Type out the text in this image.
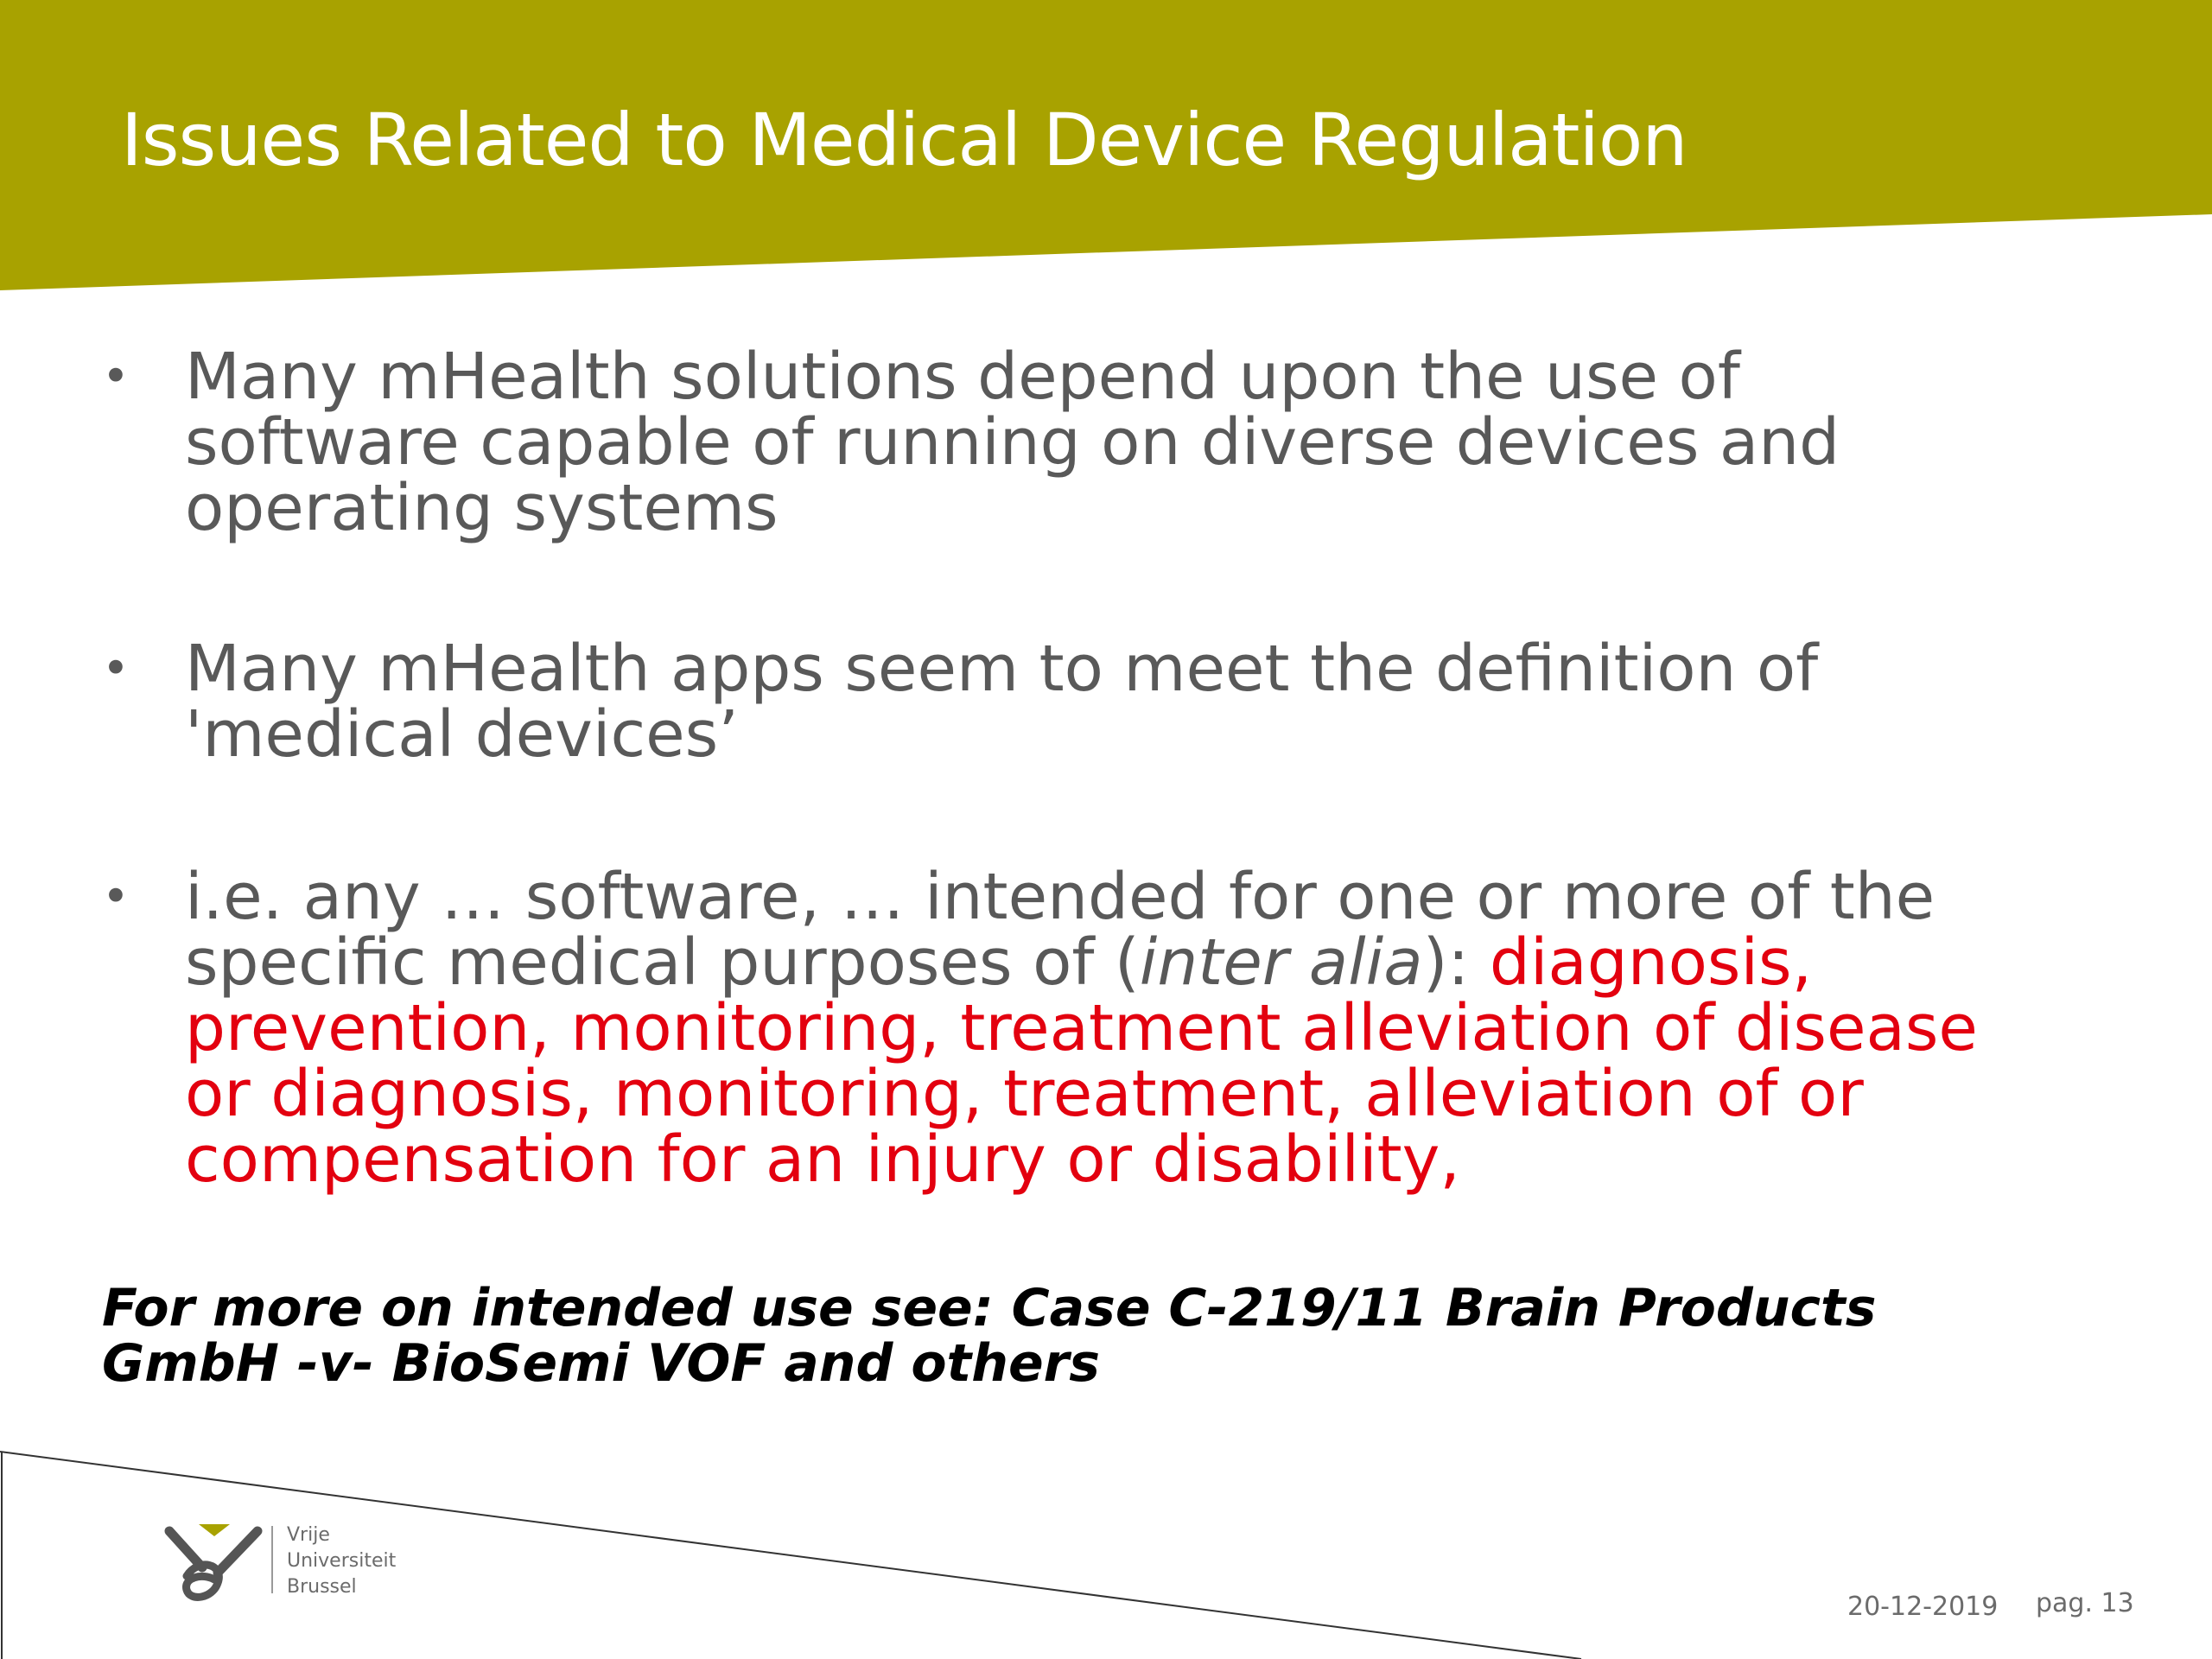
Issues Related to Medical Device Regulation
• Many mHealth solutions depend upon the use of
software capable of running on diverse devices and
operating systems
• Many mHealth apps seem to meet the definition of
'medical devices’
• i.e. any … software, … intended for one or more of the
specific medical purposes of (inter alia): diagnosis,
prevention, monitoring, treatment alleviation of disease
or diagnosis, monitoring, treatment, alleviation of or
compensation for an injury or disability,
For more on intended use see: Case C-219/11 Brain Products
GmbH -v- BioSemi VOF and others
Vrije
Universiteit
Brussel
20-12-2019 pag. 13
